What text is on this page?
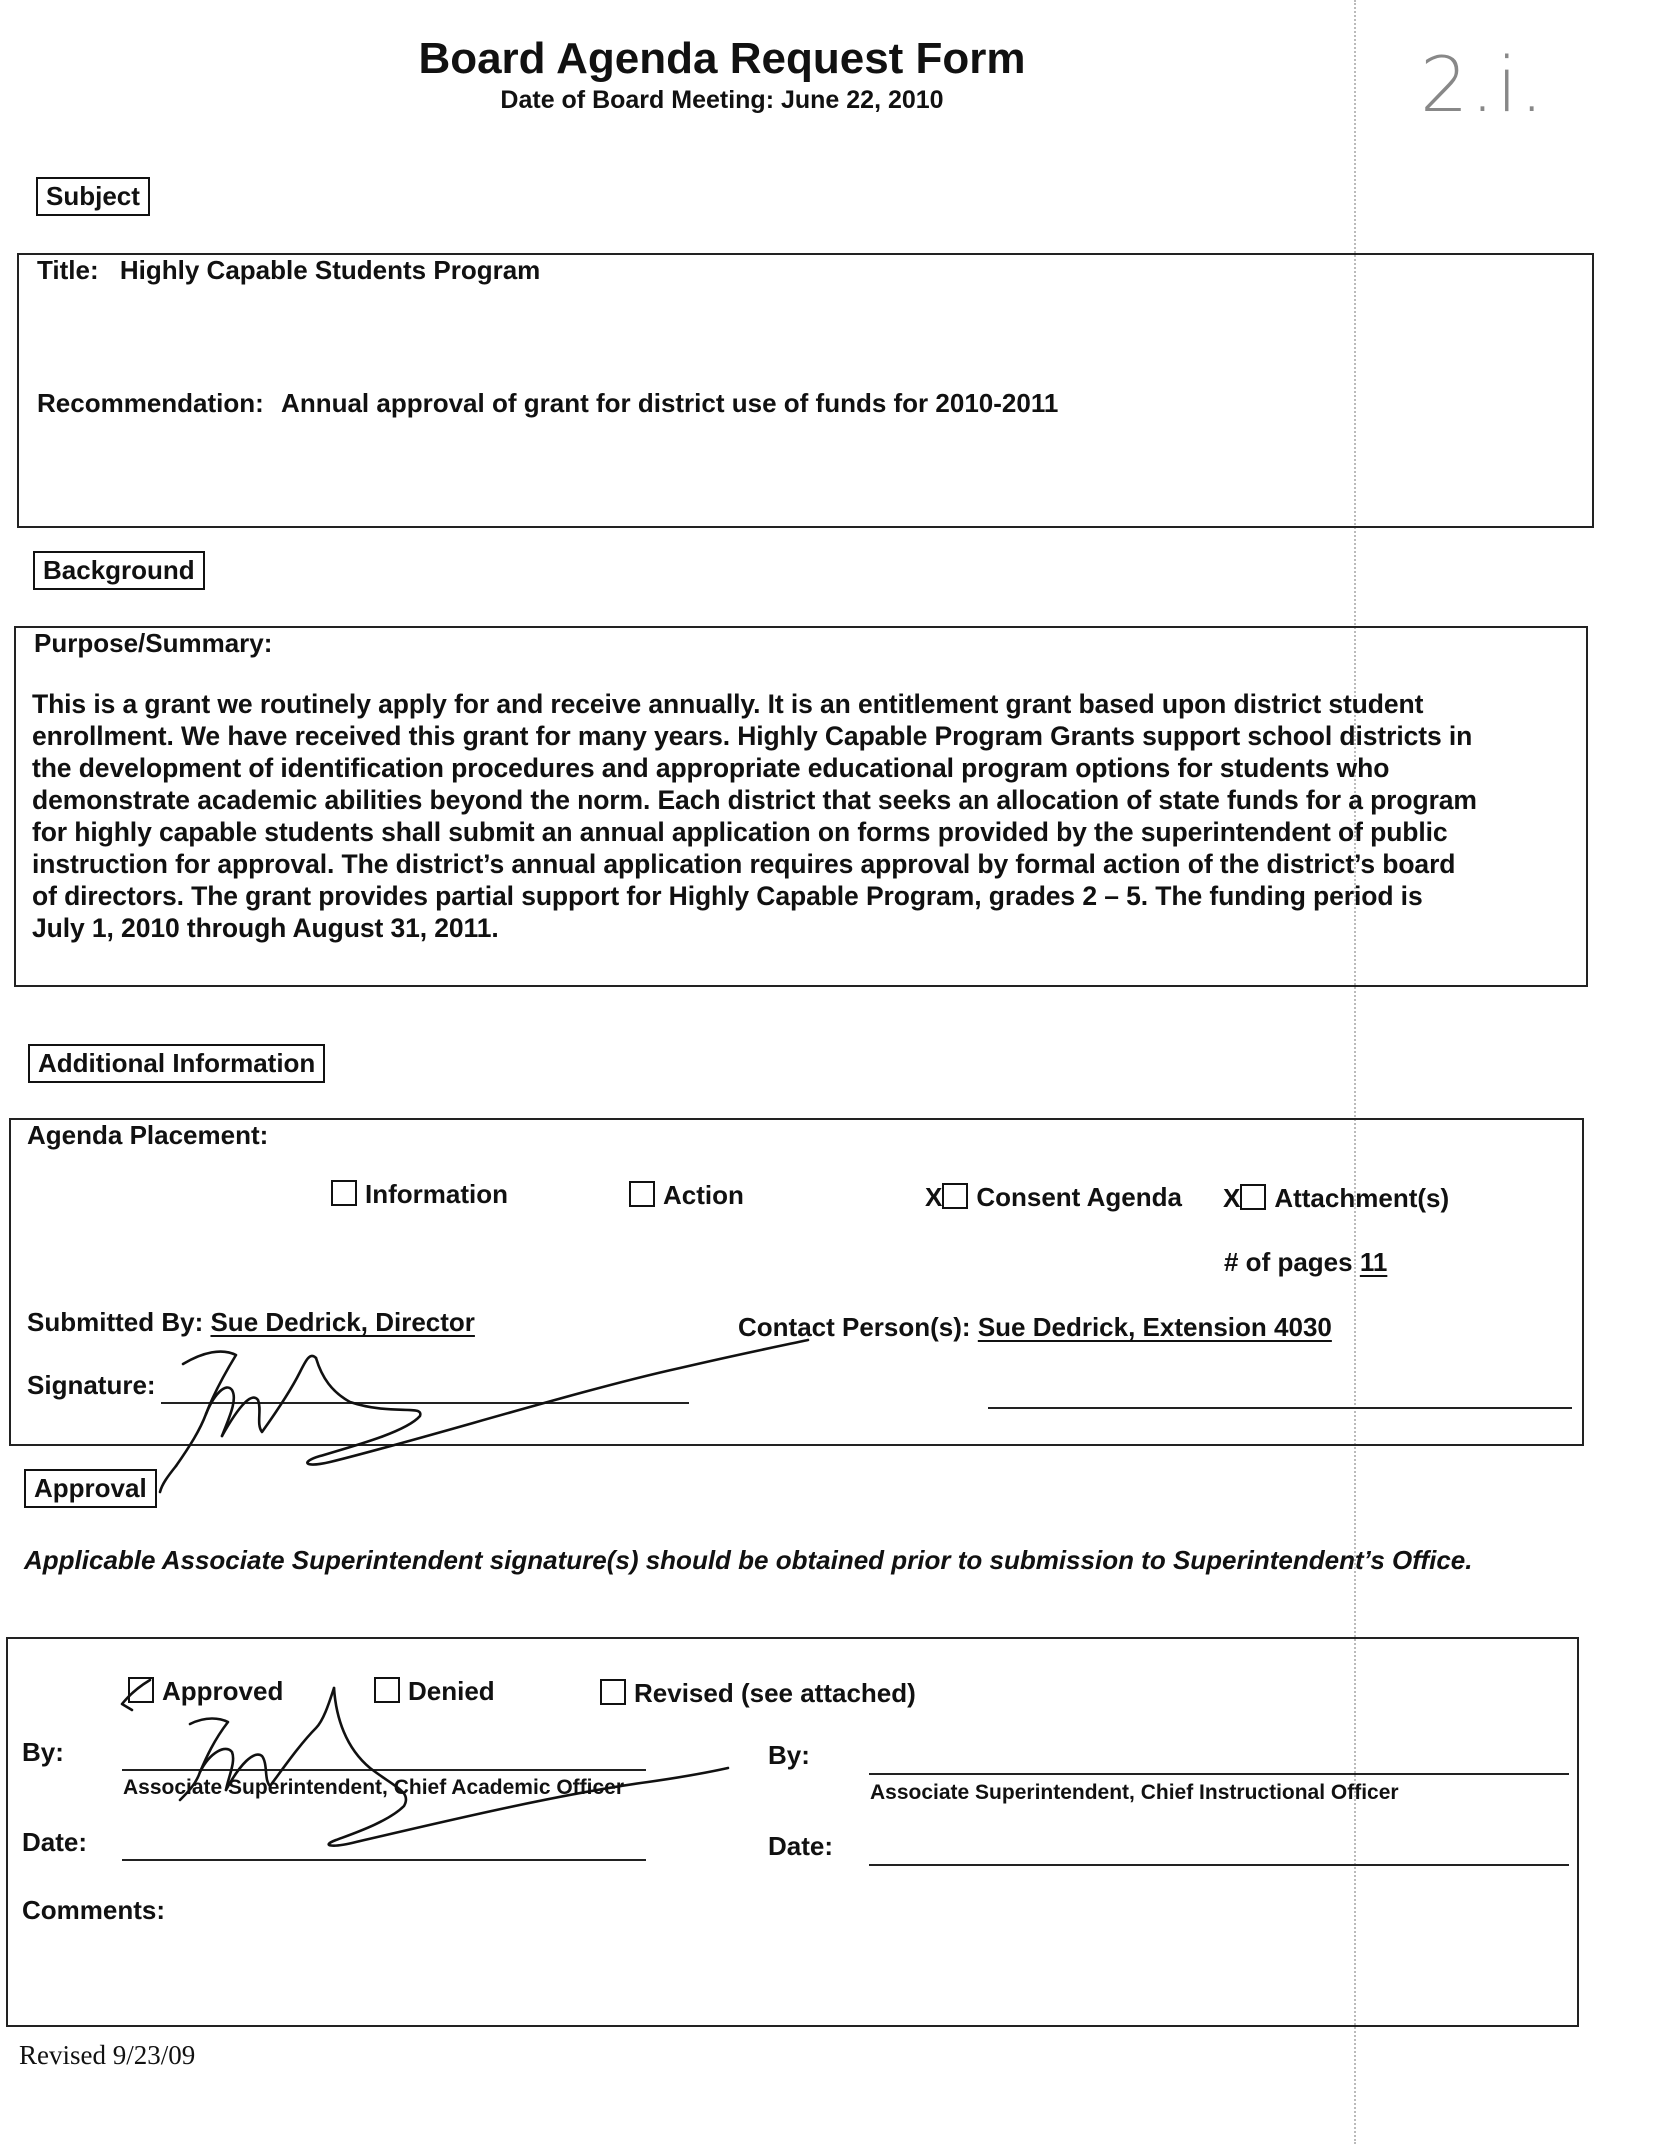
Board Agenda Request Form
Date of Board Meeting: June 22, 2010	2.i.
Subject
Title: Highly Capable Students Program
Recommendation: Annual approval of grant for district use of funds for 2010-2011
Background
Purpose/Summary:
This is a grant we routinely apply for and receive annually. It is an entitlement grant based upon district student
enrollment. We have received this grant for many years. Highly Capable Program Grants support school districts in
the development of identification procedures and appropriate educational program options for students who
demonstrate academic abilities beyond the norm. Each district that seeks an allocation of state funds for a program
for highly capable students shall submit an annual application on forms provided by the superintendent of public
instruction for approval. The district’s annual application requires approval by formal action of the district’s board
of directors. The grant provides partial support for Highly Capable Program, grades 2 – 5. The funding period is
July 1, 2010 through August 31, 2011.
Additional Information
Agenda Placement:
Information	Action	X Consent Agenda X Attachment(s)
# of pages 11
Submitted By: Sue Dedrick, Director	Contact Person(s): Sue Dedrick, Extension 4030
Signature:
Approval
Applicable Associate Superintendent signature(s) should be obtained prior to submission to Superintendent’s Office.
Approved	Denied	Revised (see attached)
By:
Associate Superintendent, Chief Academic Officer
By:
Associate Superintendent, Chief Instructional Officer
Date:	Date:
Comments:
Revised 9/23/09
